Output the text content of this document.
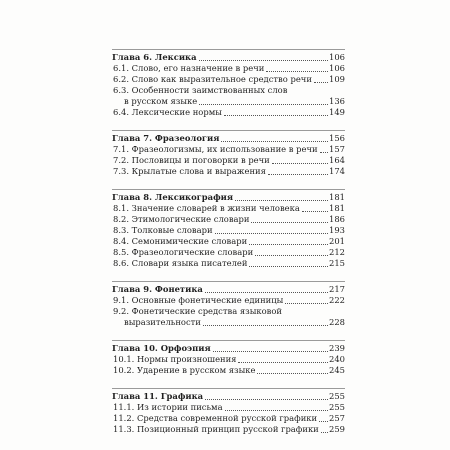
Глава 6. Лексика	106
6.1. Слово, его назначение в речи	106
6.2. Слово как выразительное средство речи 109
6.3. Особенности заимствованных слов
в русском языке	136
6.4. Лексические нормы	149
Глава 7. Фразеология	156
7.1. Фразеологизмы, их использование в речи 157
7.2. Пословицы и поговорки в речи	164
7.3. Крылатые слова и выражения	174
Глава 8. Лексикография	181
8.1. Значение словарей в жизни человека	181
8.2. Этимологические словари	186
8.3. Толковые словари	193
8.4. Семонимические словари	201
8.5. Фразеологические словари	212
8.6. Словари языка писателей	215
Глава 9. Фонетика	217
9.1. Основные фонетические единицы	222
9.2. Фонетические средства языковой
выразительности	228
Глава 10. Орфоэпия	239
10.1. Нормы произношения	240
10.2. Ударение в русском языке	245
Глава 11. Графика	255
11.1. Из истории письма	255
11.2. Средства современной русской графики 257
11.3. Позиционный принцип русской графики 259
